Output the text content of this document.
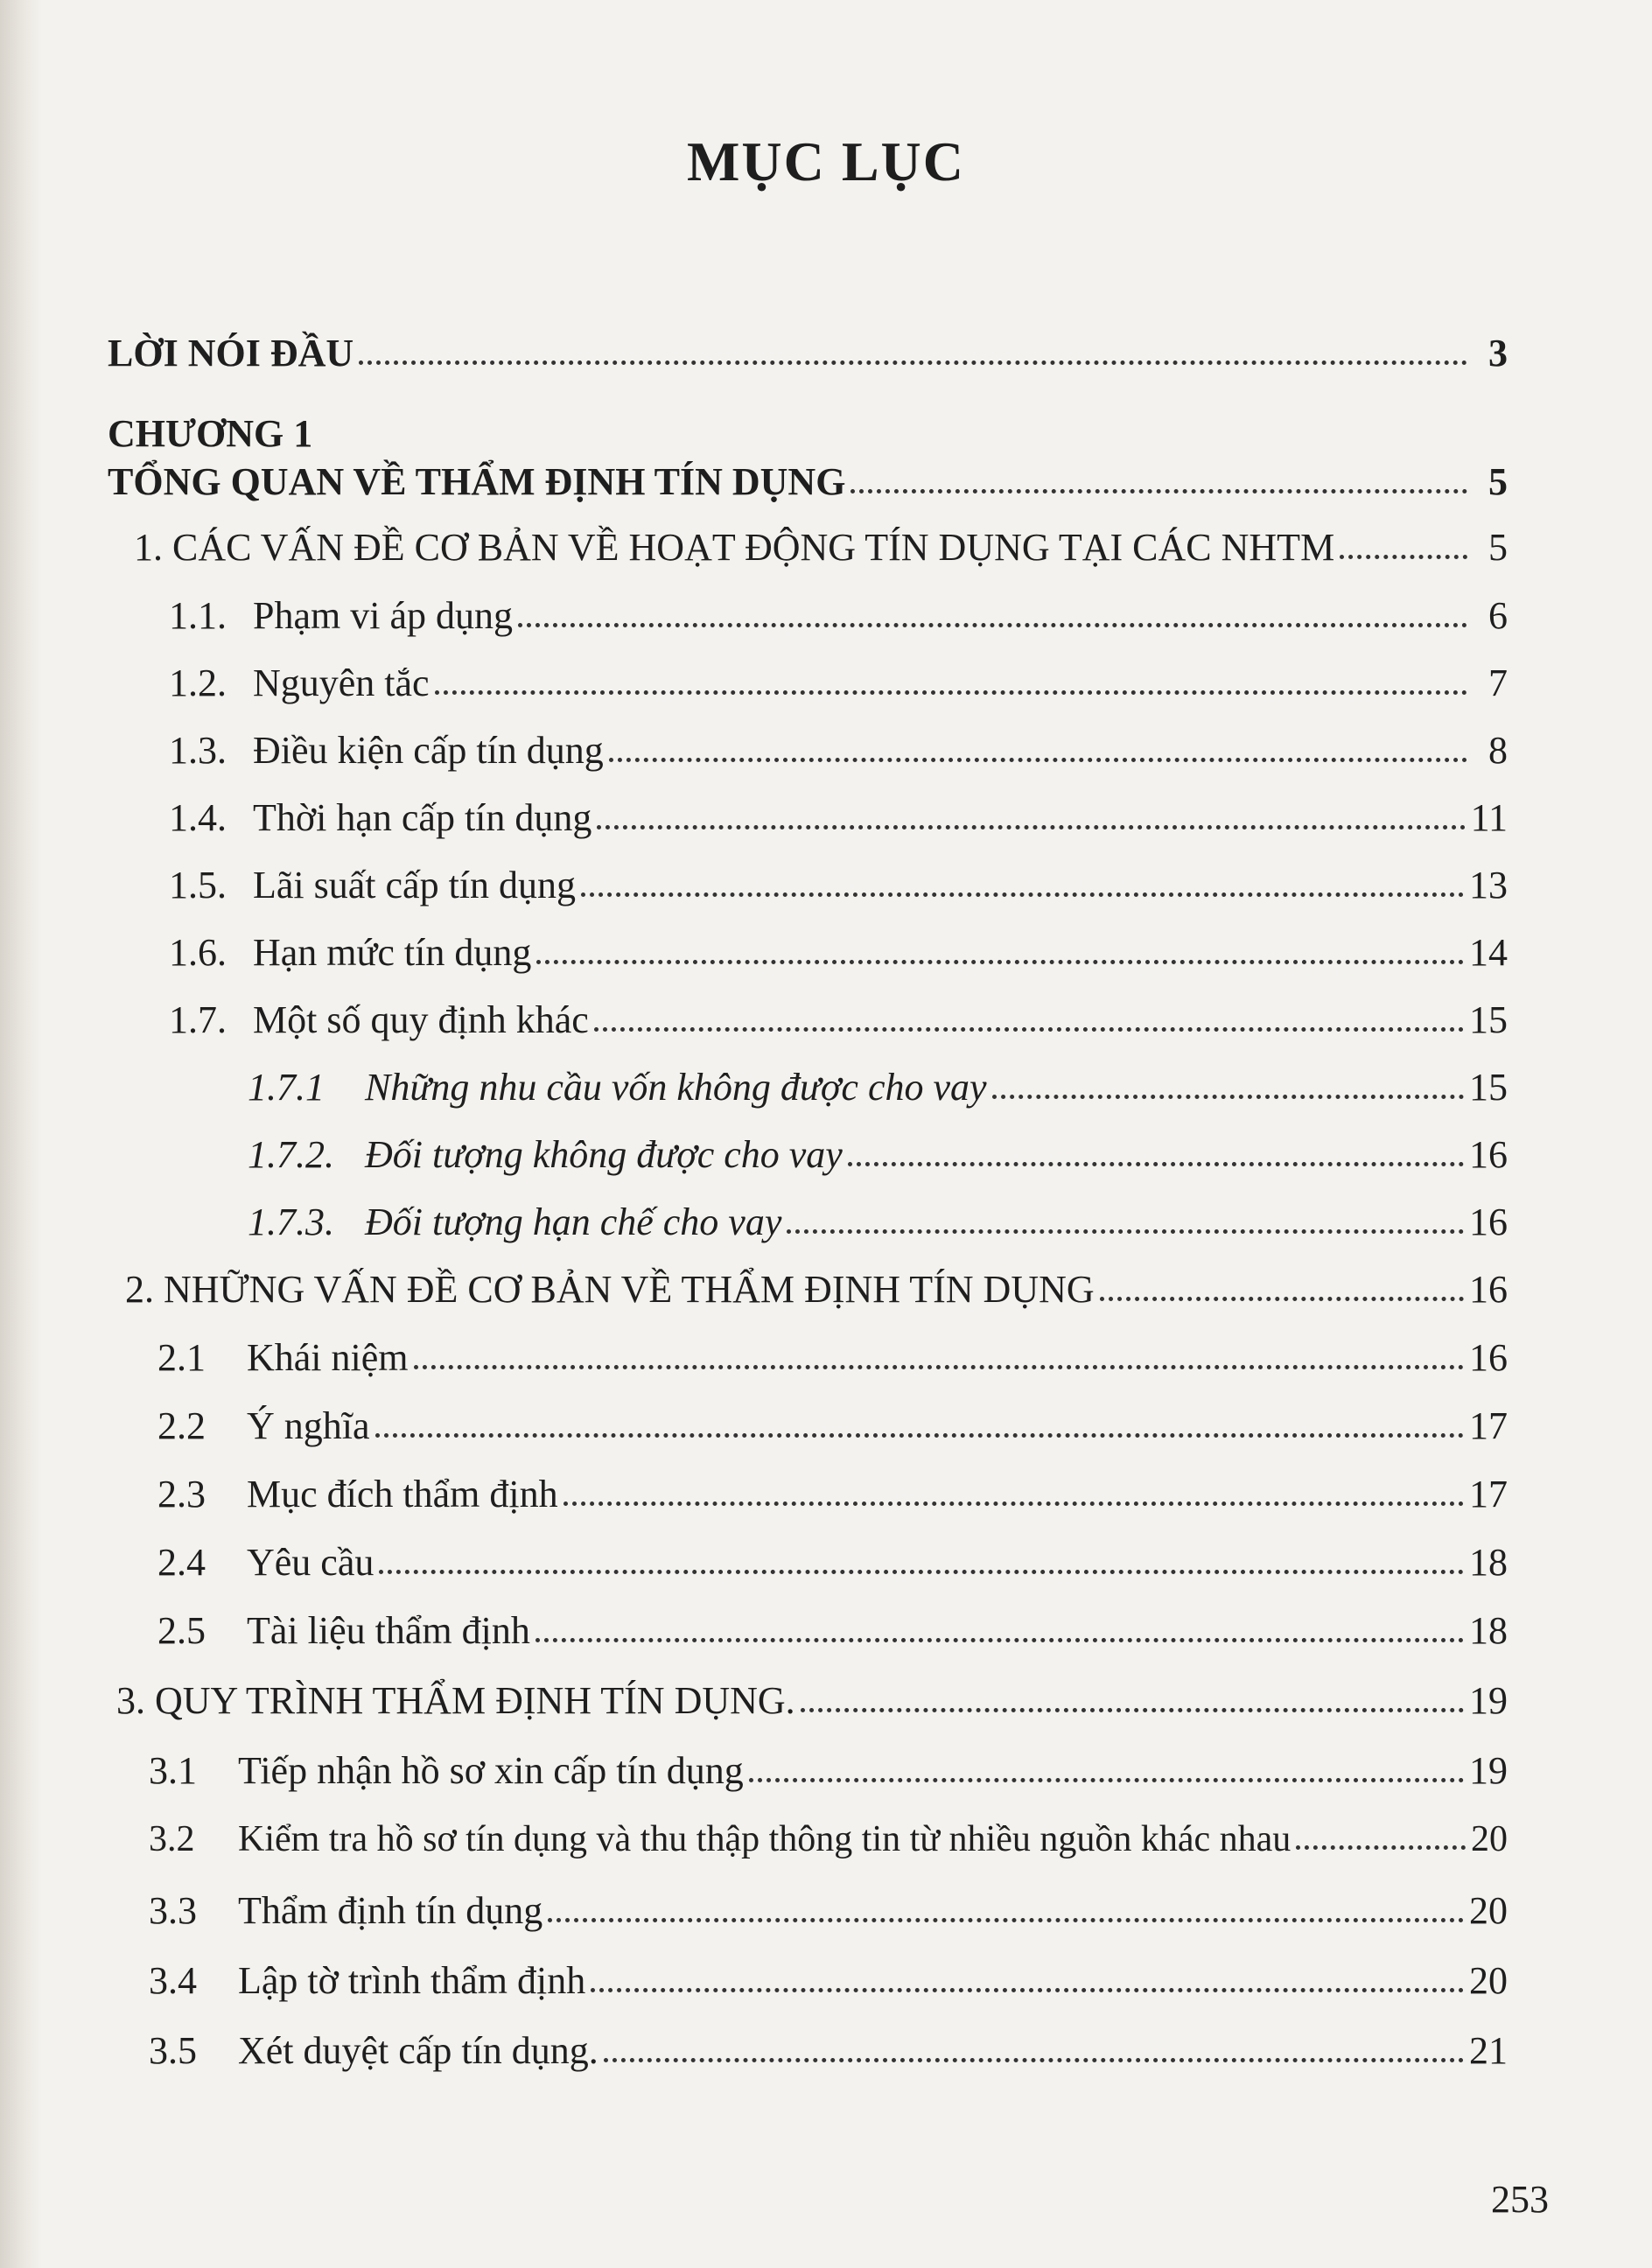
MỤC LỤC
LỜI NÓI ĐẦU	3
CHƯƠNG 1
TỔNG QUAN VỀ THẨM ĐỊNH TÍN DỤNG	5
1. CÁC VẤN ĐỀ CƠ BẢN VỀ HOẠT ĐỘNG TÍN DỤNG TẠI CÁC NHTM	5
1.1. Phạm vi áp dụng	6
1.2. Nguyên tắc	7
1.3. Điều kiện cấp tín dụng	8
1.4. Thời hạn cấp tín dụng	11
1.5. Lãi suất cấp tín dụng	13
1.6. Hạn mức tín dụng	14
1.7. Một số quy định khác	15
1.7.1	Những nhu cầu vốn không được cho vay	15
1.7.2. Đối tượng không được cho vay	16
1.7.3. Đối tượng hạn chế cho vay	16
2. NHỮNG VẤN ĐỀ CƠ BẢN VỀ THẨM ĐỊNH TÍN DỤNG	16
2.1	Khái niệm	16
2.2	Ý nghĩa	17
2.3	Mục đích thẩm định	17
2.4	Yêu cầu	18
2.5	Tài liệu thẩm định	18
3. QUY TRÌNH THẨM ĐỊNH TÍN DỤNG.	19
3.1	Tiếp nhận hồ sơ xin cấp tín dụng	19
3.2	Kiểm tra hồ sơ tín dụng và thu thập thông tin từ nhiều nguồn khác nhau	20
3.3	Thẩm định tín dụng	20
3.4	Lập tờ trình thẩm định	20
3.5	Xét duyệt cấp tín dụng.	21
253
